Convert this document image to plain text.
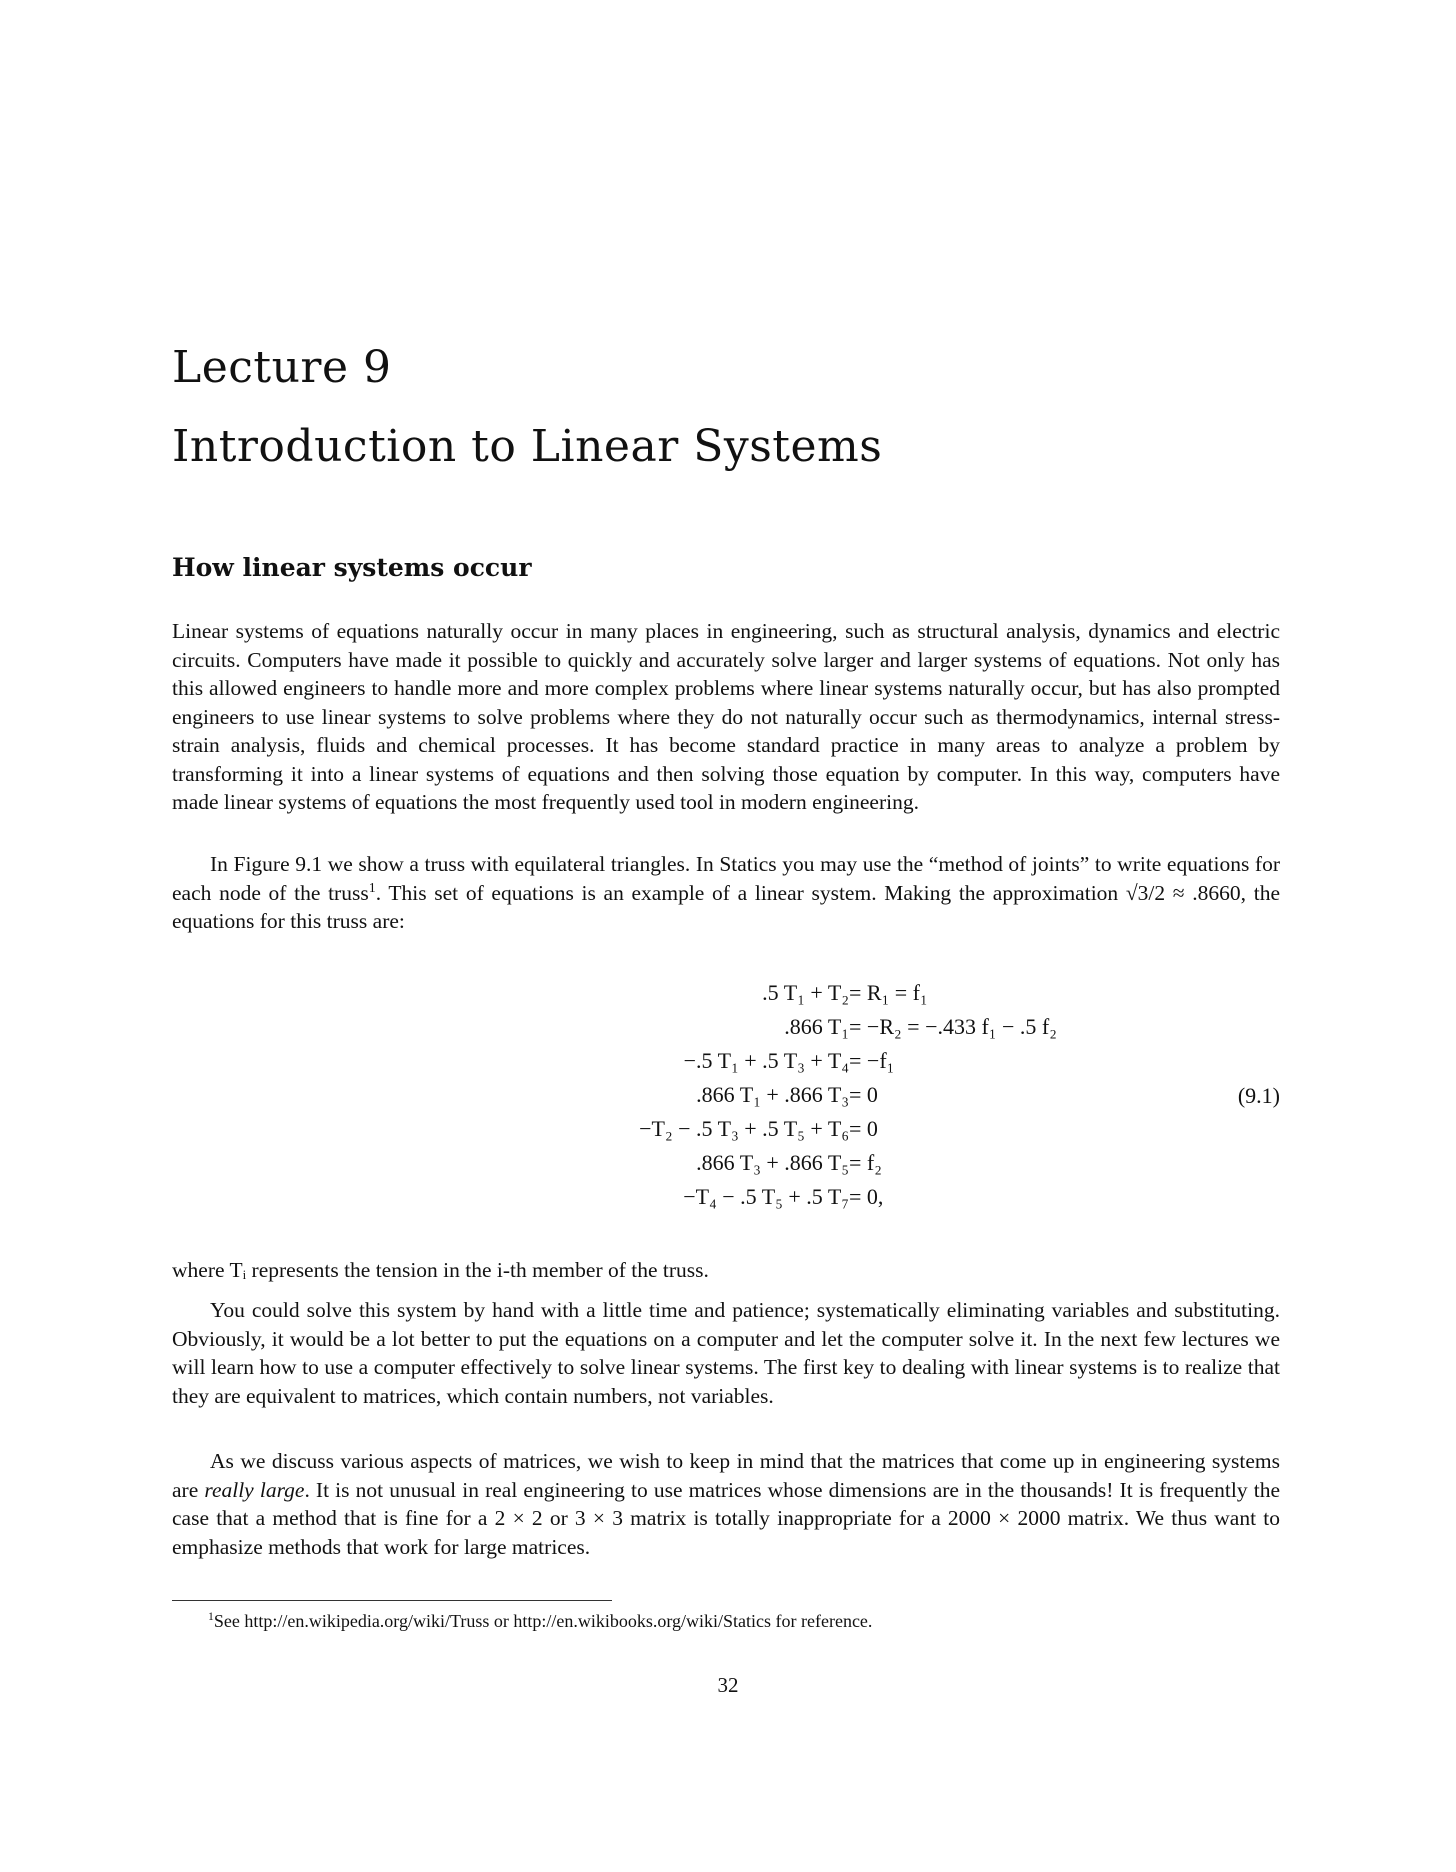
Lecture 9
Introduction to Linear Systems
How linear systems occur

Linear systems of equations naturally occur in many places in engineering, such as structural analysis, dynamics and electric circuits. Computers have made it possible to quickly and accurately solve larger and larger systems of equations. Not only has this allowed engineers to handle more and more complex problems where linear systems naturally occur, but has also prompted engineers to use linear systems to solve problems where they do not naturally occur such as thermodynamics, internal stress-strain analysis, fluids and chemical processes. It has become standard practice in many areas to analyze a problem by transforming it into a linear systems of equations and then solving those equation by computer. In this way, computers have made linear systems of equations the most frequently used tool in modern engineering.

In Figure 9.1 we show a truss with equilateral triangles. In Statics you may use the “method of joints” to write equations for each node of the truss$^1$. This set of equations is an example of a linear system. Making the approximation √3/2 ≈ .8660, the equations for this truss are:

.5 T₁ + T₂ = R₁ = f₁
.866 T₁ = −R₂ = −.433 f₁ − .5 f₂
−.5 T₁ + .5 T₃ + T₄ = −f₁
.866 T₁ + .866 T₃ = 0
−T₂ − .5 T₃ + .5 T₅ + T₆ = 0
.866 T₃ + .866 T₅ = f₂
−T₄ − .5 T₅ + .5 T₇ = 0,
(9.1)

where Tᵢ represents the tension in the i-th member of the truss.

You could solve this system by hand with a little time and patience; systematically eliminating variables and substituting. Obviously, it would be a lot better to put the equations on a computer and let the computer solve it. In the next few lectures we will learn how to use a computer effectively to solve linear systems. The first key to dealing with linear systems is to realize that they are equivalent to matrices, which contain numbers, not variables.

As we discuss various aspects of matrices, we wish to keep in mind that the matrices that come up in engineering systems are really large. It is not unusual in real engineering to use matrices whose dimensions are in the thousands! It is frequently the case that a method that is fine for a 2 × 2 or 3 × 3 matrix is totally inappropriate for a 2000 × 2000 matrix. We thus want to emphasize methods that work for large matrices.

$^1$See http://en.wikipedia.org/wiki/Truss or http://en.wikibooks.org/wiki/Statics for reference.

32
